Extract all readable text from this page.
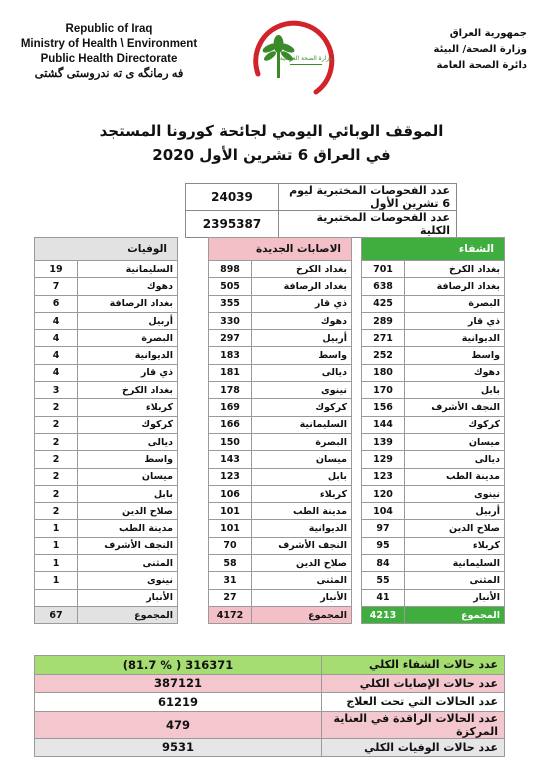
Republic of Iraq
Ministry of Health \ Environment
Public Health Directorate
فه رمانگه ی ته ندروستی گشتی
وزارة الصحة العراقية
جمهورية العراق
وزارة الصحة/ البيئة
دائرة الصحة العامة
الموقف الوبائي اليومي لجائحة كورونا المستجد
في العراق 6 تشرين الأول 2020
24039	عدد الفحوصات المختبرية ليوم 6 تشرين الأول
2395387	عدد الفحوصات المختبرية الكلية
الشفاء	
701	بغداد الكرخ
638	بغداد الرصافة
425	البصرة
289	ذي قار
271	الديوانية
252	واسط
180	دهوك
170	بابل
156	النجف الأشرف
144	كركوك
139	ميسان
129	ديالى
123	مدينة الطب
120	نينوى
104	أربيل
97	صلاح الدين
95	كربلاء
84	السليمانية
55	المثنى
41	الأنبار
4213	المجموع
الاصابات الجديدة	
898	بغداد الكرخ
505	بغداد الرصافة
355	ذي قار
330	دهوك
297	أربيل
183	واسط
181	ديالى
178	نينوى
169	كركوك
166	السليمانية
150	البصرة
143	ميسان
123	بابل
106	كربلاء
101	مدينة الطب
101	الديوانية
70	النجف الأشرف
58	صلاح الدين
31	المثنى
27	الأنبار
4172	المجموع
الوفيات	
19	السليمانية
7	دهوك
6	بغداد الرصافة
4	أربيل
4	البصرة
4	الديوانية
4	ذي قار
3	بغداد الكرخ
2	كربلاء
2	كركوك
2	ديالى
2	واسط
2	ميسان
2	بابل
2	صلاح الدين
1	مدينة الطب
1	النجف الأشرف
1	المثنى
1	نينوى
	الأنبار
67	المجموع
(81.7 % ) 316371	عدد حالات الشفاء الكلي
387121	عدد حالات الإصابات الكلي
61219	عدد الحالات التي تحت العلاج
479	عدد الحالات الراقدة في العناية المركزة
9531	عدد حالات الوفيات الكلي
